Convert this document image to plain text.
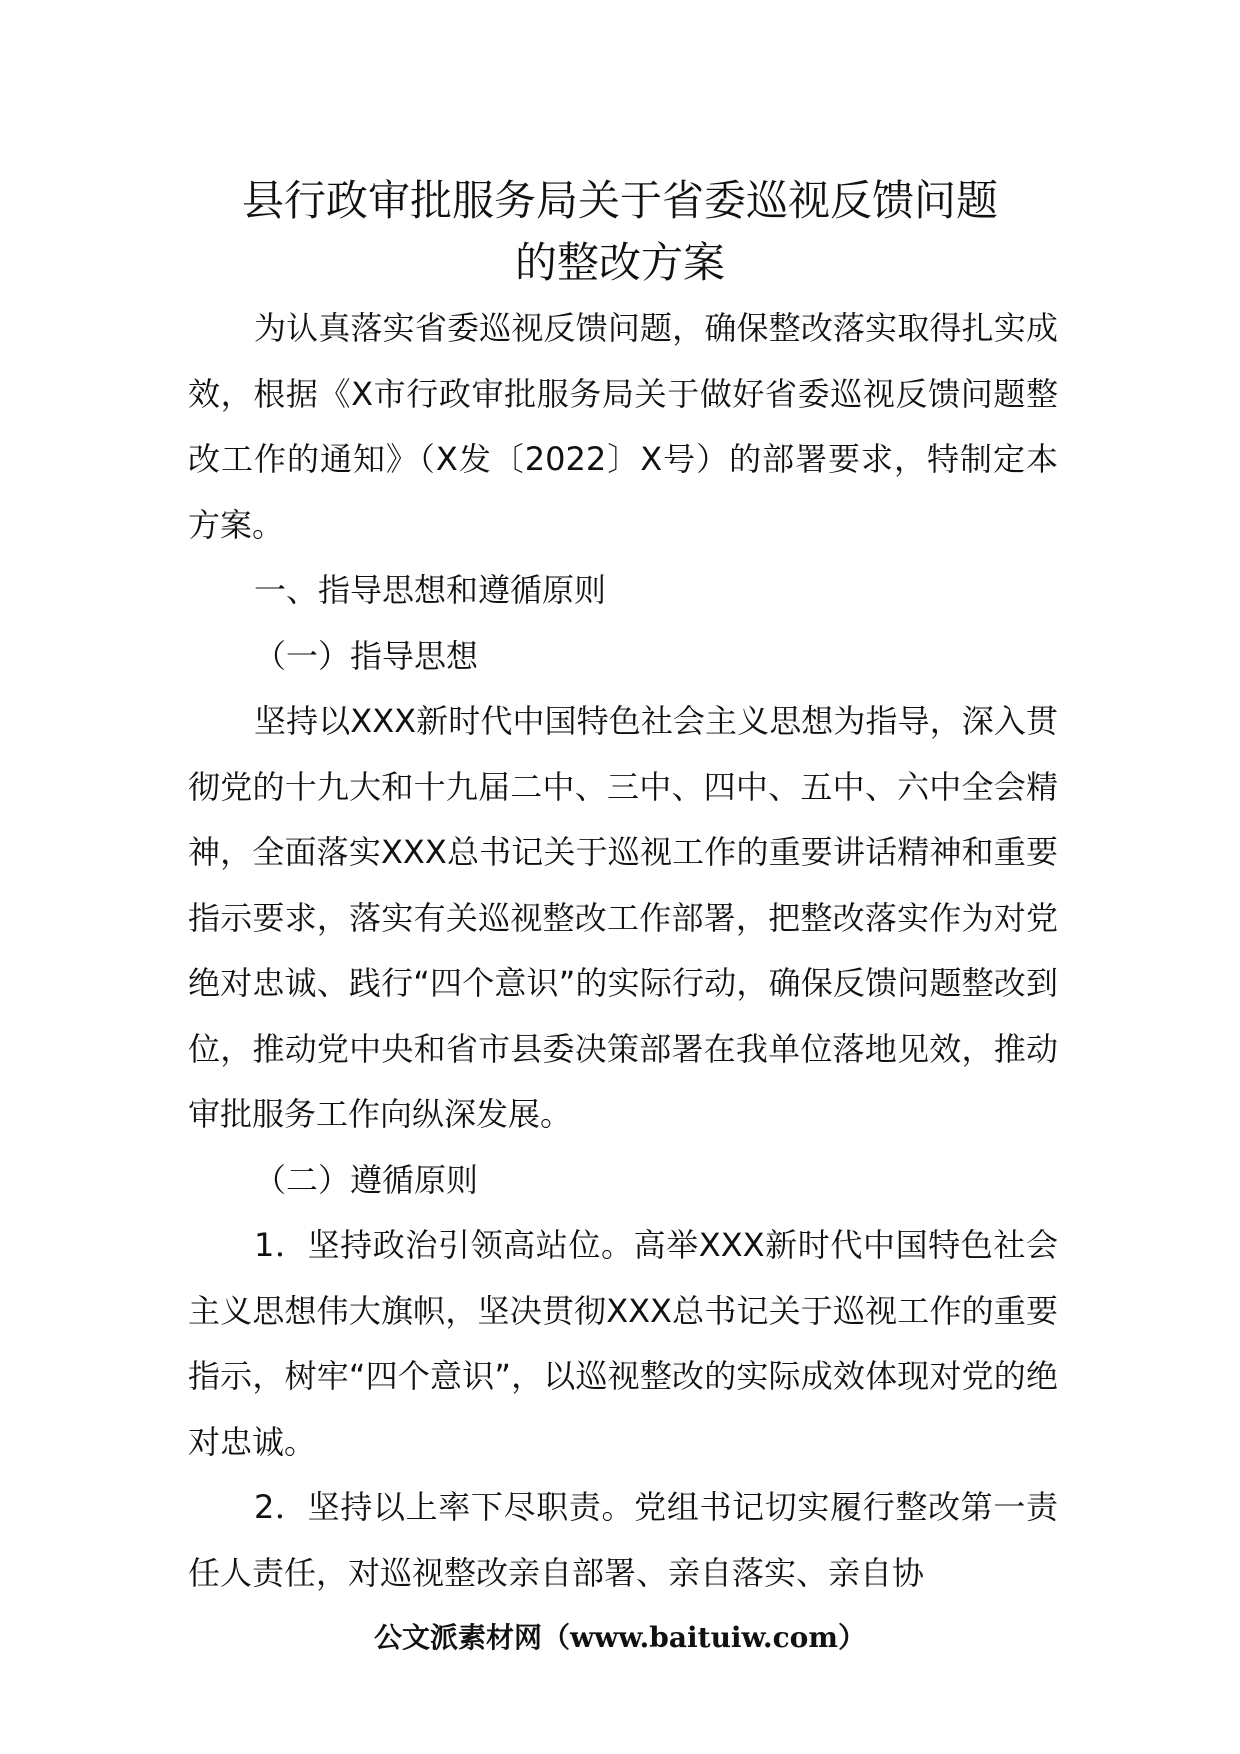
县行政审批服务局关于省委巡视反馈问题
的整改方案

为认真落实省委巡视反馈问题，确保整改落实取得扎实成效，根据《X市行政审批服务局关于做好省委巡视反馈问题整改工作的通知》（X发〔2022〕X号）的部署要求，特制定本方案。

一、指导思想和遵循原则

（一）指导思想

坚持以XXX新时代中国特色社会主义思想为指导，深入贯彻党的十九大和十九届二中、三中、四中、五中、六中全会精神，全面落实XXX总书记关于巡视工作的重要讲话精神和重要指示要求，落实有关巡视整改工作部署，把整改落实作为对党绝对忠诚、践行“四个意识”的实际行动，确保反馈问题整改到位，推动党中央和省市县委决策部署在我单位落地见效，推动审批服务工作向纵深发展。

（二）遵循原则

1．坚持政治引领高站位。高举XXX新时代中国特色社会主义思想伟大旗帜，坚决贯彻XXX总书记关于巡视工作的重要指示，树牢“四个意识”，以巡视整改的实际成效体现对党的绝对忠诚。

2．坚持以上率下尽职责。党组书记切实履行整改第一责任人责任，对巡视整改亲自部署、亲自落实、亲自协

公文派素材网（www.baituiw.com）
